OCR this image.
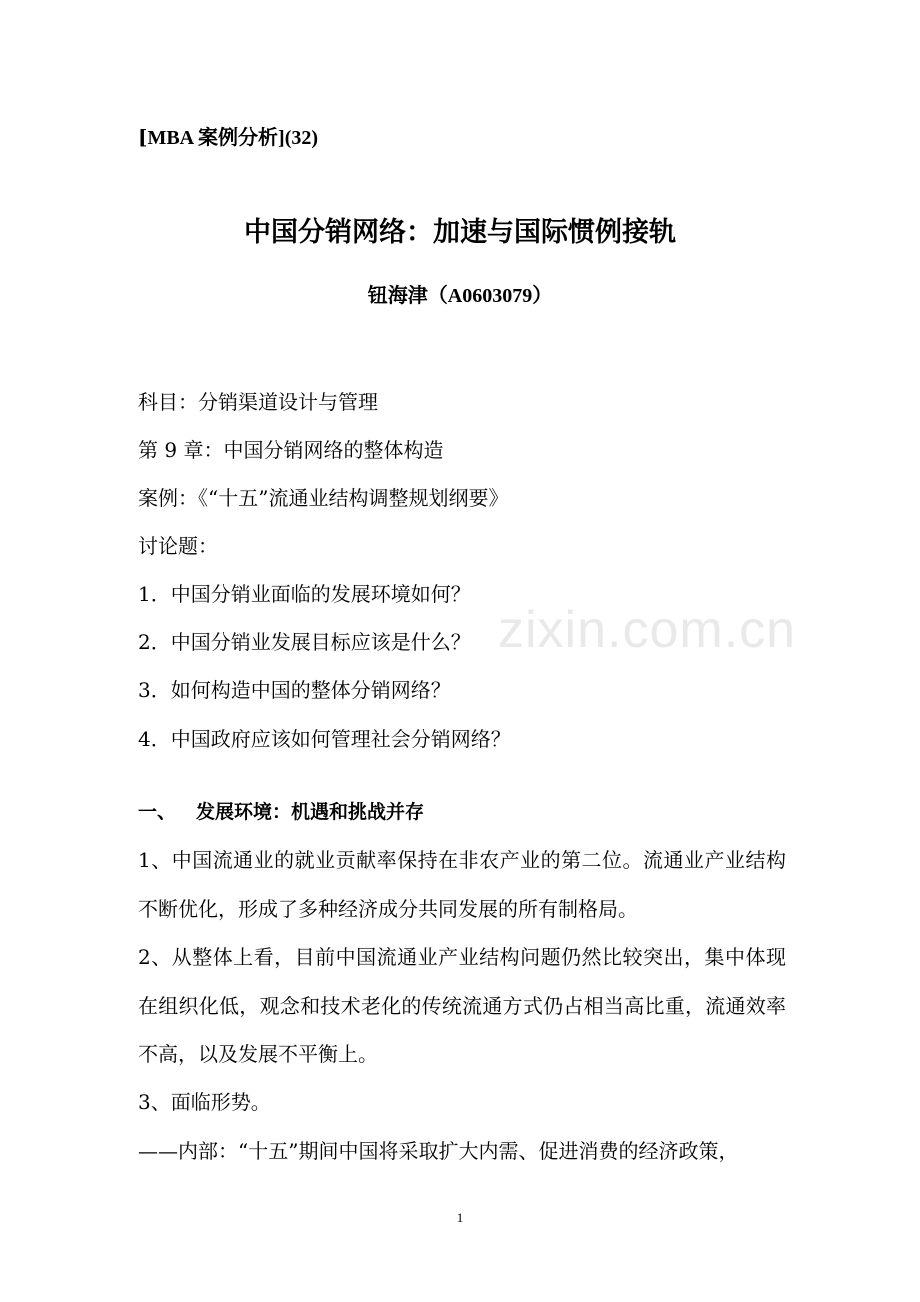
[MBA 案例分析](32)
中国分销网络：加速与国际惯例接轨
钮海津（A0603079）
科目：分销渠道设计与管理
第 9 章：中国分销网络的整体构造
案例：《“十五”流通业结构调整规划纲要》
讨论题：
1．中国分销业面临的发展环境如何？
2．中国分销业发展目标应该是什么？
3．如何构造中国的整体分销网络？
4．中国政府应该如何管理社会分销网络？
一、 发展环境：机遇和挑战并存
1、中国流通业的就业贡献率保持在非农产业的第二位。流通业产业结构不断优化，形成了多种经济成分共同发展的所有制格局。
2、从整体上看，目前中国流通业产业结构问题仍然比较突出，集中体现在组织化低，观念和技术老化的传统流通方式仍占相当高比重，流通效率不高，以及发展不平衡上。
3、面临形势。
——内部：“十五”期间中国将采取扩大内需、促进消费的经济政策，
zixin.com.cn
1
